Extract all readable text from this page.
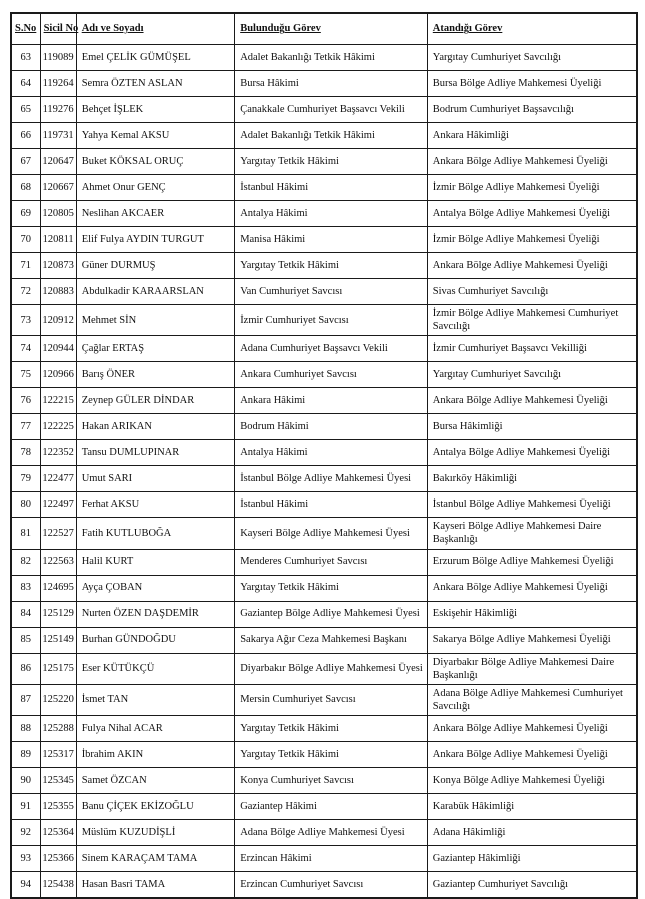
S.No	Sicil No	Adı ve Soyadı	Bulunduğu Görev	Atandığı Görev
63	119089	Emel ÇELİK GÜMÜŞEL	Adalet Bakanlığı Tetkik Hâkimi	Yargıtay Cumhuriyet Savcılığı
64	119264	Semra ÖZTEN ASLAN	Bursa Hâkimi	Bursa Bölge Adliye Mahkemesi Üyeliği
65	119276	Behçet İŞLEK	Çanakkale Cumhuriyet Başsavcı Vekili	Bodrum Cumhuriyet Başsavcılığı
66	119731	Yahya Kemal AKSU	Adalet Bakanlığı Tetkik Hâkimi	Ankara Hâkimliği
67	120647	Buket KÖKSAL ORUÇ	Yargıtay Tetkik Hâkimi	Ankara Bölge Adliye Mahkemesi Üyeliği
68	120667	Ahmet Onur GENÇ	İstanbul Hâkimi	İzmir Bölge Adliye Mahkemesi Üyeliği
69	120805	Neslihan AKCAER	Antalya Hâkimi	Antalya Bölge Adliye Mahkemesi Üyeliği
70	120811	Elif Fulya AYDIN TURGUT	Manisa Hâkimi	İzmir Bölge Adliye Mahkemesi Üyeliği
71	120873	Güner DURMUŞ	Yargıtay Tetkik Hâkimi	Ankara Bölge Adliye Mahkemesi Üyeliği
72	120883	Abdulkadir KARAARSLAN	Van Cumhuriyet Savcısı	Sivas Cumhuriyet Savcılığı
73	120912	Mehmet SİN	İzmir Cumhuriyet Savcısı	İzmir Bölge Adliye Mahkemesi Cumhuriyet Savcılığı
74	120944	Çağlar ERTAŞ	Adana Cumhuriyet Başsavcı Vekili	İzmir Cumhuriyet Başsavcı Vekilliği
75	120966	Barış ÖNER	Ankara Cumhuriyet Savcısı	Yargıtay Cumhuriyet Savcılığı
76	122215	Zeynep GÜLER DİNDAR	Ankara Hâkimi	Ankara Bölge Adliye Mahkemesi Üyeliği
77	122225	Hakan ARIKAN	Bodrum Hâkimi	Bursa Hâkimliği
78	122352	Tansu DUMLUPINAR	Antalya Hâkimi	Antalya Bölge Adliye Mahkemesi Üyeliği
79	122477	Umut SARI	İstanbul Bölge Adliye Mahkemesi Üyesi	Bakırköy Hâkimliği
80	122497	Ferhat AKSU	İstanbul Hâkimi	İstanbul Bölge Adliye Mahkemesi Üyeliği
81	122527	Fatih KUTLUBOĞA	Kayseri Bölge Adliye Mahkemesi Üyesi	Kayseri Bölge Adliye Mahkemesi Daire Başkanlığı
82	122563	Halil KURT	Menderes Cumhuriyet Savcısı	Erzurum Bölge Adliye Mahkemesi Üyeliği
83	124695	Ayça ÇOBAN	Yargıtay Tetkik Hâkimi	Ankara Bölge Adliye Mahkemesi Üyeliği
84	125129	Nurten ÖZEN DAŞDEMİR	Gaziantep Bölge Adliye Mahkemesi Üyesi	Eskişehir Hâkimliği
85	125149	Burhan GÜNDOĞDU	Sakarya Ağır Ceza Mahkemesi Başkanı	Sakarya Bölge Adliye Mahkemesi Üyeliği
86	125175	Eser KÜTÜKÇÜ	Diyarbakır Bölge Adliye Mahkemesi Üyesi	Diyarbakır Bölge Adliye Mahkemesi Daire Başkanlığı
87	125220	İsmet TAN	Mersin Cumhuriyet Savcısı	Adana Bölge Adliye Mahkemesi Cumhuriyet Savcılığı
88	125288	Fulya Nihal ACAR	Yargıtay Tetkik Hâkimi	Ankara Bölge Adliye Mahkemesi Üyeliği
89	125317	İbrahim AKIN	Yargıtay Tetkik Hâkimi	Ankara Bölge Adliye Mahkemesi Üyeliği
90	125345	Samet ÖZCAN	Konya Cumhuriyet Savcısı	Konya Bölge Adliye Mahkemesi Üyeliği
91	125355	Banu ÇİÇEK EKİZOĞLU	Gaziantep Hâkimi	Karabük Hâkimliği
92	125364	Müslüm KUZUDİŞLİ	Adana Bölge Adliye Mahkemesi Üyesi	Adana Hâkimliği
93	125366	Sinem KARAÇAM TAMA	Erzincan Hâkimi	Gaziantep Hâkimliği
94	125438	Hasan Basri TAMA	Erzincan Cumhuriyet Savcısı	Gaziantep Cumhuriyet Savcılığı
